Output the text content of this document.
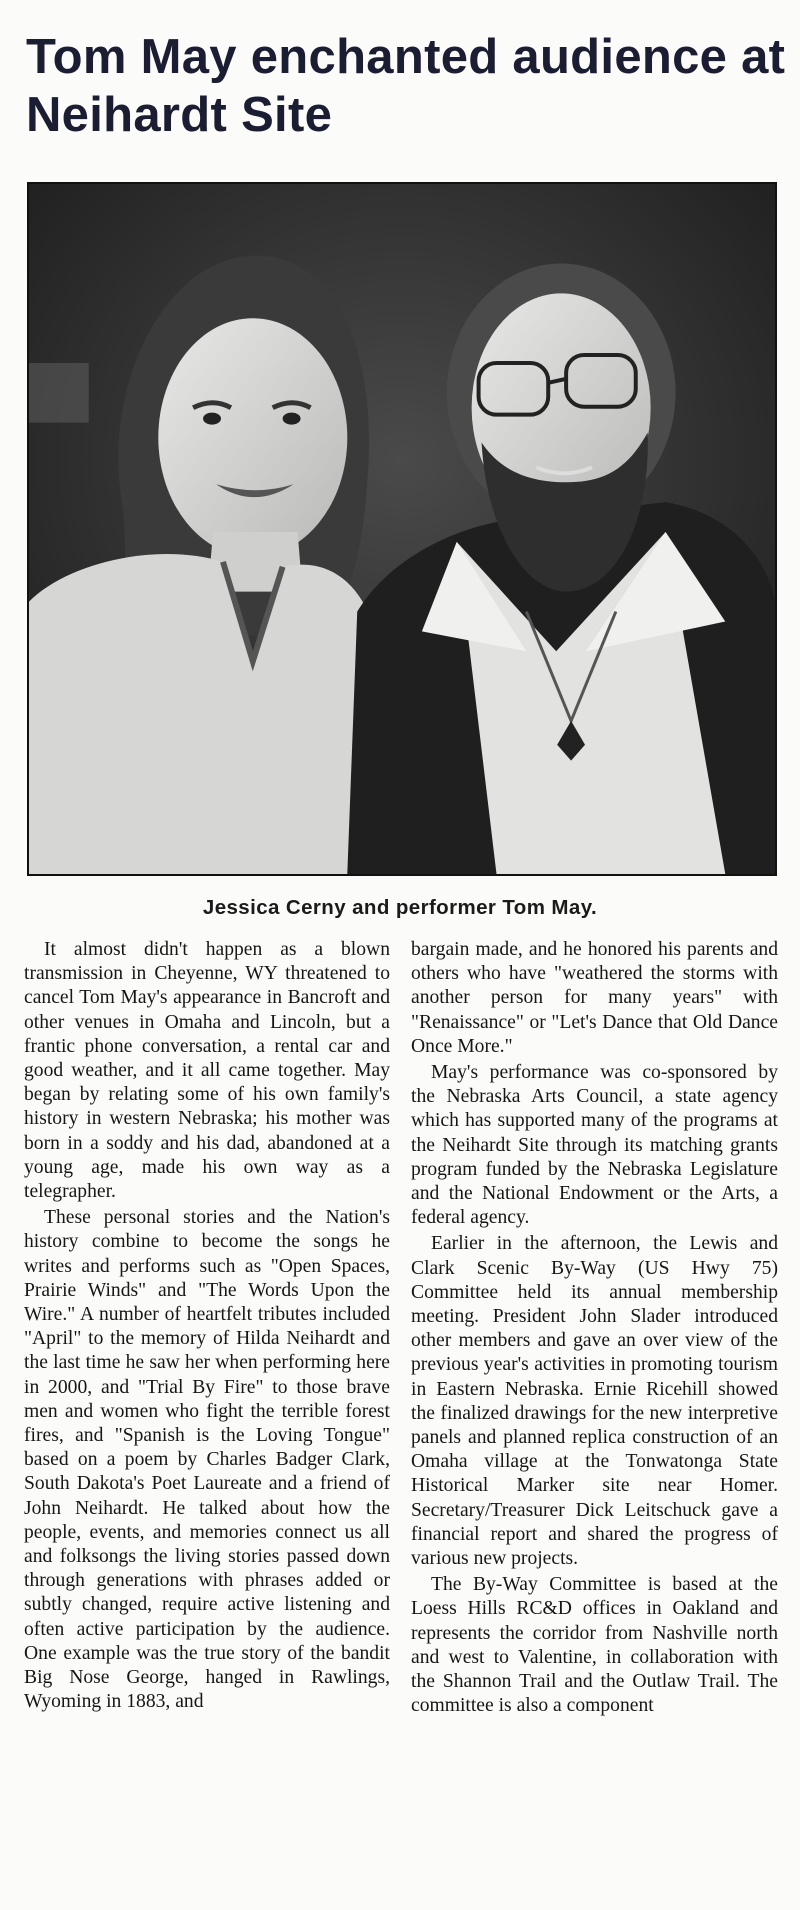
Tom May enchanted audience at Neihardt Site
Jessica Cerny and performer Tom May.

It almost didn't happen as a blown transmission in Cheyenne, WY threatened to cancel Tom May's appearance in Bancroft and other venues in Omaha and Lincoln, but a frantic phone conversation, a rental car and good weather, and it all came together. May began by relating some of his own family's history in western Nebraska; his mother was born in a soddy and his dad, abandoned at a young age, made his own way as a telegrapher.

These personal stories and the Nation's history combine to become the songs he writes and performs such as "Open Spaces, Prairie Winds" and "The Words Upon the Wire." A number of heartfelt tributes included "April" to the memory of Hilda Neihardt and the last time he saw her when performing here in 2000, and "Trial By Fire" to those brave men and women who fight the terrible forest fires, and "Spanish is the Loving Tongue" based on a poem by Charles Badger Clark, South Dakota's Poet Laureate and a friend of John Neihardt. He talked about how the people, events, and memories connect us all and folksongs the living stories passed down through generations with phrases added or subtly changed, require active listening and often active participation by the audience. One example was the true story of the bandit Big Nose George, hanged in Rawlings, Wyoming in 1883, and

bargain made, and he honored his parents and others who have "weathered the storms with another person for many years" with "Renaissance" or "Let's Dance that Old Dance Once More."

May's performance was co-sponsored by the Nebraska Arts Council, a state agency which has supported many of the programs at the Neihardt Site through its matching grants program funded by the Nebraska Legislature and the National Endowment or the Arts, a federal agency.

Earlier in the afternoon, the Lewis and Clark Scenic By-Way (US Hwy 75) Committee held its annual membership meeting. President John Slader introduced other members and gave an over view of the previous year's activities in promoting tourism in Eastern Nebraska. Ernie Ricehill showed the finalized drawings for the new interpretive panels and planned replica construction of an Omaha village at the Tonwatonga State Historical Marker site near Homer. Secretary/Treasurer Dick Leitschuck gave a financial report and shared the progress of various new projects.

The By-Way Committee is based at the Loess Hills RC&D offices in Oakland and represents the corridor from Nashville north and west to Valentine, in collaboration with the Shannon Trail and the Outlaw Trail. The committee is also a component
